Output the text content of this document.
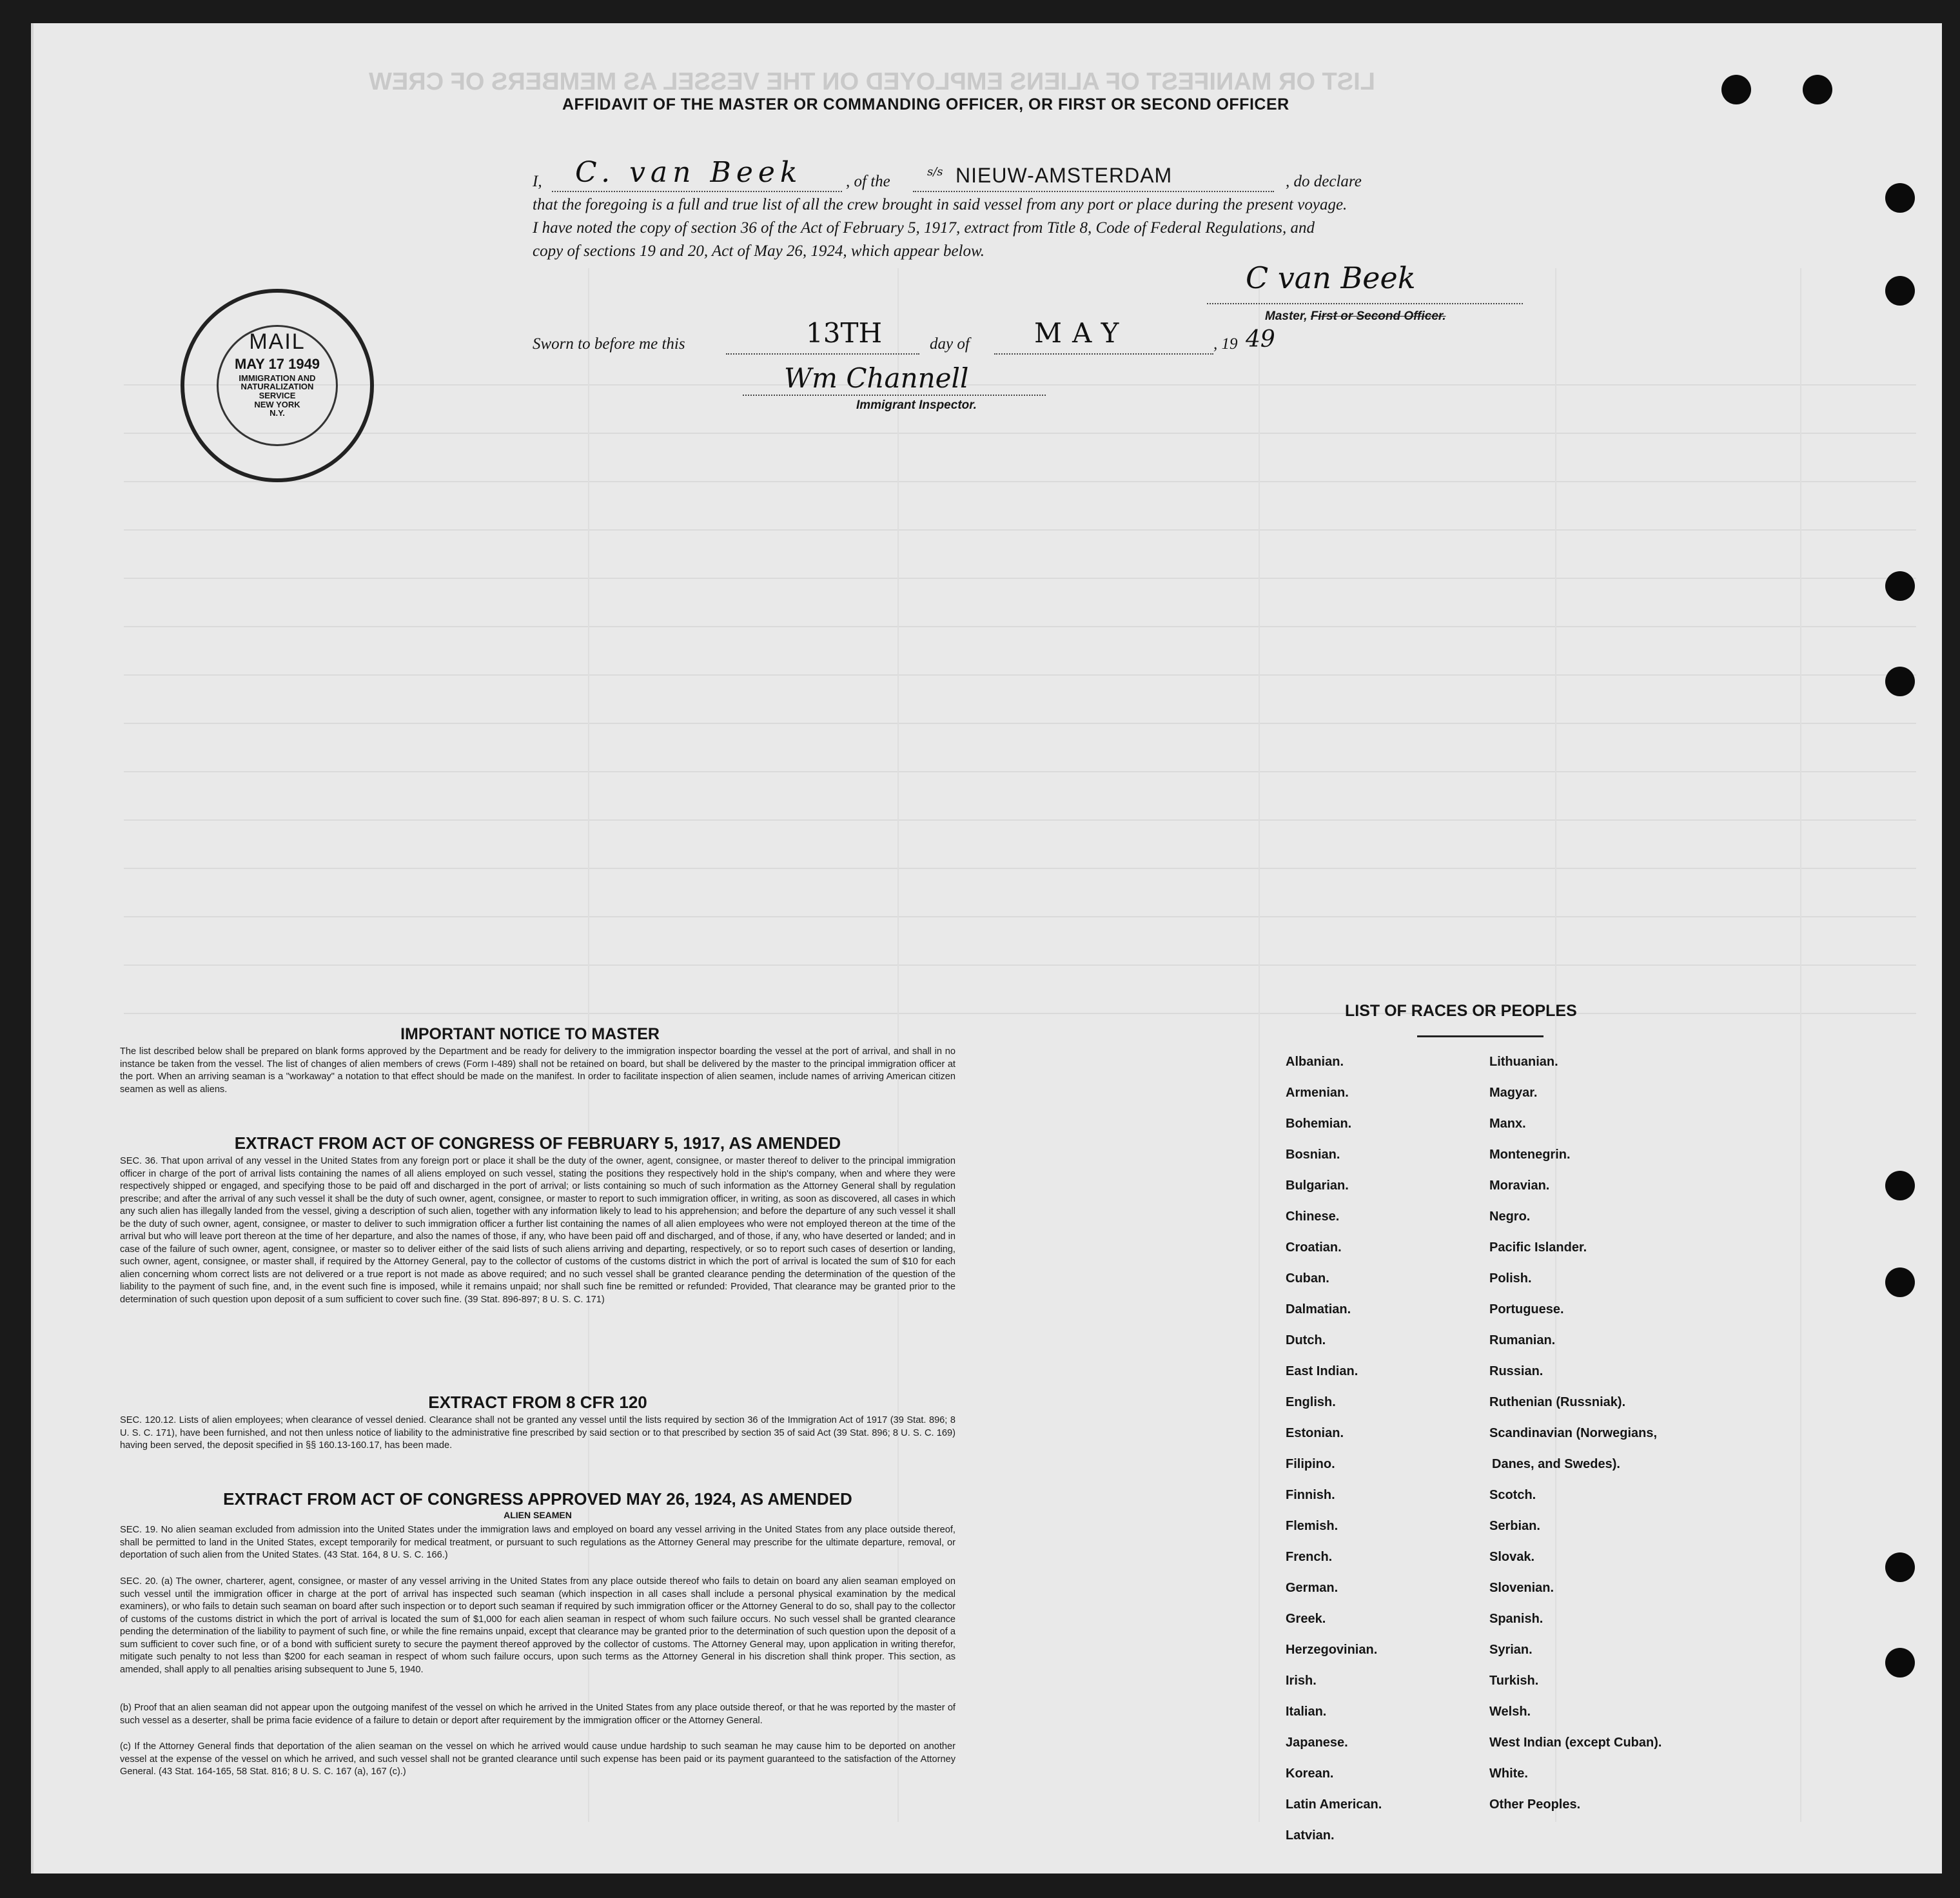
LIST OR MANIFEST OF ALIENS EMPLOYED ON THE VESSEL AS MEMBERS OF CREW
AFFIDAVIT OF THE MASTER OR COMMANDING OFFICER, OR FIRST OR SECOND OFFICER
I, C. van Beek	, of the
s/s NIEUW-AMSTERDAM	, do declare
that the foregoing is a full and true list of all the crew brought in said vessel from any port or place during the present voyage.
I have noted the copy of section 36 of the Act of February 5, 1917, extract from Title 8, Code of Federal Regulations, and
copy of sections 19 and 20, Act of May 26, 1924, which appear below.
C van Beek
Master, First or Second Officer.
Sworn to before me this	13TH	day of MAY	, 19 49
Wm Channell
Immigrant Inspector.
MAIL
MAY 17 1949
IMMIGRATION AND
NATURALIZATION
SERVICE
NEW YORK
N.Y.
IMPORTANT NOTICE TO MASTER
The list described below shall be prepared on blank forms approved by the Department and be ready for delivery to the immigration inspector boarding the vessel at the port of arrival, and shall in no instance be taken from the vessel. The list of changes of alien members of crews (Form I-489) shall not be retained on board, but shall be delivered by the master to the principal immigration officer at the port. When an arriving seaman is a "workaway" a notation to that effect should be made on the manifest. In order to facilitate inspection of alien seamen, include names of arriving American citizen seamen as well as aliens.
EXTRACT FROM ACT OF CONGRESS OF FEBRUARY 5, 1917, AS AMENDED
SEC. 36. That upon arrival of any vessel in the United States from any foreign port or place it shall be the duty of the owner, agent, consignee, or master thereof to deliver to the principal immigration officer in charge of the port of arrival lists containing the names of all aliens employed on such vessel, stating the positions they respectively hold in the ship's company, when and where they were respectively shipped or engaged, and specifying those to be paid off and discharged in the port of arrival; or lists containing so much of such information as the Attorney General shall by regulation prescribe; and after the arrival of any such vessel it shall be the duty of such owner, agent, consignee, or master to report to such immigration officer, in writing, as soon as discovered, all cases in which any such alien has illegally landed from the vessel, giving a description of such alien, together with any information likely to lead to his apprehension; and before the departure of any such vessel it shall be the duty of such owner, agent, consignee, or master to deliver to such immigration officer a further list containing the names of all alien employees who were not employed thereon at the time of the arrival but who will leave port thereon at the time of her departure, and also the names of those, if any, who have been paid off and discharged, and of those, if any, who have deserted or landed; and in case of the failure of such owner, agent, consignee, or master so to deliver either of the said lists of such aliens arriving and departing, respectively, or so to report such cases of desertion or landing, such owner, agent, consignee, or master shall, if required by the Attorney General, pay to the collector of customs of the customs district in which the port of arrival is located the sum of $10 for each alien concerning whom correct lists are not delivered or a true report is not made as above required; and no such vessel shall be granted clearance pending the determination of the question of the liability to the payment of such fine, and, in the event such fine is imposed, while it remains unpaid; nor shall such fine be remitted or refunded: Provided, That clearance may be granted prior to the determination of such question upon deposit of a sum sufficient to cover such fine. (39 Stat. 896-897; 8 U. S. C. 171)
EXTRACT FROM 8 CFR 120
SEC. 120.12. Lists of alien employees; when clearance of vessel denied. Clearance shall not be granted any vessel until the lists required by section 36 of the Immigration Act of 1917 (39 Stat. 896; 8 U. S. C. 171), have been furnished, and not then unless notice of liability to the administrative fine prescribed by said section or to that prescribed by section 35 of said Act (39 Stat. 896; 8 U. S. C. 169) having been served, the deposit specified in §§ 160.13-160.17, has been made.
EXTRACT FROM ACT OF CONGRESS APPROVED MAY 26, 1924, AS AMENDED
ALIEN SEAMEN
SEC. 19. No alien seaman excluded from admission into the United States under the immigration laws and employed on board any vessel arriving in the United States from any place outside thereof, shall be permitted to land in the United States, except temporarily for medical treatment, or pursuant to such regulations as the Attorney General may prescribe for the ultimate departure, removal, or deportation of such alien from the United States. (43 Stat. 164, 8 U. S. C. 166.)
SEC. 20. (a) The owner, charterer, agent, consignee, or master of any vessel arriving in the United States from any place outside thereof who fails to detain on board any alien seaman employed on such vessel until the immigration officer in charge at the port of arrival has inspected such seaman (which inspection in all cases shall include a personal physical examination by the medical examiners), or who fails to detain such seaman on board after such inspection or to deport such seaman if required by such immigration officer or the Attorney General to do so, shall pay to the collector of customs of the customs district in which the port of arrival is located the sum of $1,000 for each alien seaman in respect of whom such failure occurs. No such vessel shall be granted clearance pending the determination of the liability to payment of such fine, or while the fine remains unpaid, except that clearance may be granted prior to the determination of such question upon the deposit of a sum sufficient to cover such fine, or of a bond with sufficient surety to secure the payment thereof approved by the collector of customs. The Attorney General may, upon application in writing therefor, mitigate such penalty to not less than $200 for each seaman in respect of whom such failure occurs, upon such terms as the Attorney General in his discretion shall think proper. This section, as amended, shall apply to all penalties arising subsequent to June 5, 1940.
(b) Proof that an alien seaman did not appear upon the outgoing manifest of the vessel on which he arrived in the United States from any place outside thereof, or that he was reported by the master of such vessel as a deserter, shall be prima facie evidence of a failure to detain or deport after requirement by the immigration officer or the Attorney General.
(c) If the Attorney General finds that deportation of the alien seaman on the vessel on which he arrived would cause undue hardship to such seaman he may cause him to be deported on another vessel at the expense of the vessel on which he arrived, and such vessel shall not be granted clearance until such expense has been paid or its payment guaranteed to the satisfaction of the Attorney General. (43 Stat. 164-165, 58 Stat. 816; 8 U. S. C. 167 (a), 167 (c).)
LIST OF RACES OR PEOPLES
Albanian.
Armenian.
Bohemian.
Bosnian.
Bulgarian.
Chinese.
Croatian.
Cuban.
Dalmatian.
Dutch.
East Indian.
English.
Estonian.
Filipino.
Finnish.
Flemish.
French.
German.
Greek.
Herzegovinian.
Irish.
Italian.
Japanese.
Korean.
Latin American.
Latvian.
Lithuanian.
Magyar.
Manx.
Montenegrin.
Moravian.
Negro.
Pacific Islander.
Polish.
Portuguese.
Rumanian.
Russian.
Ruthenian (Russniak).
Scandinavian (Norwegians,
Danes, and Swedes).
Scotch.
Serbian.
Slovak.
Slovenian.
Spanish.
Syrian.
Turkish.
Welsh.
West Indian (except Cuban).
White.
Other Peoples.
